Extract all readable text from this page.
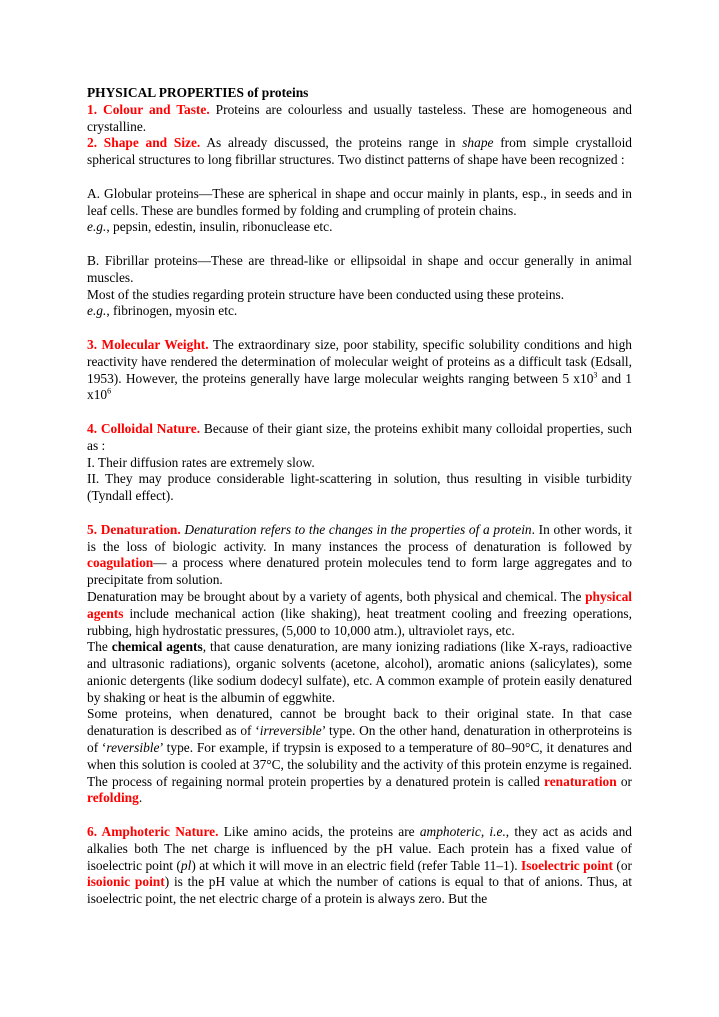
PHYSICAL PROPERTIES of proteins

1. Colour and Taste. Proteins are colourless and usually tasteless. These are homogeneous and crystalline.

2. Shape and Size. As already discussed, the proteins range in shape from simple crystalloid spherical structures to long fibrillar structures. Two distinct patterns of shape have been recognized :

A. Globular proteins—These are spherical in shape and occur mainly in plants, esp., in seeds and in leaf cells. These are bundles formed by folding and crumpling of protein chains.

e.g., pepsin, edestin, insulin, ribonuclease etc.

B. Fibrillar proteins—These are thread-like or ellipsoidal in shape and occur generally in animal muscles.

Most of the studies regarding protein structure have been conducted using these proteins.

e.g., fibrinogen, myosin etc.

3. Molecular Weight. The extraordinary size, poor stability, specific solubility conditions and high reactivity have rendered the determination of molecular weight of proteins as a difficult task (Edsall, 1953). However, the proteins generally have large molecular weights ranging between 5 $x10^3$ and 1 $x10^6$

4. Colloidal Nature. Because of their giant size, the proteins exhibit many colloidal properties, such as :

I. Their diffusion rates are extremely slow.

II. They may produce considerable light-scattering in solution, thus resulting in visible turbidity (Tyndall effect).

5. Denaturation. Denaturation refers to the changes in the properties of a protein. In other words, it is the loss of biologic activity. In many instances the process of denaturation is followed by coagulation— a process where denatured protein molecules tend to form large aggregates and to precipitate from solution.

Denaturation may be brought about by a variety of agents, both physical and chemical. The physical agents include mechanical action (like shaking), heat treatment cooling and freezing operations, rubbing, high hydrostatic pressures, (5,000 to 10,000 atm.), ultraviolet rays, etc.

The chemical agents, that cause denaturation, are many ionizing radiations (like X-rays, radioactive and ultrasonic radiations), organic solvents (acetone, alcohol), aromatic anions (salicylates), some anionic detergents (like sodium dodecyl sulfate), etc. A common example of protein easily denatured by shaking or heat is the albumin of eggwhite.

Some proteins, when denatured, cannot be brought back to their original state. In that case denaturation is described as of ‘irreversible’ type. On the other hand, denaturation in otherproteins is of ‘reversible’ type. For example, if trypsin is exposed to a temperature of 80–90°C, it denatures and when this solution is cooled at 37°C, the solubility and the activity of this protein enzyme is regained. The process of regaining normal protein properties by a denatured protein is called renaturation or refolding.

6. Amphoteric Nature. Like amino acids, the proteins are amphoteric, i.e., they act as acids and alkalies both The net charge is influenced by the pH value. Each protein has a fixed value of isoelectric point (pl) at which it will move in an electric field (refer Table 11–1). Isoelectric point (or isoionic point) is the pH value at which the number of cations is equal to that of anions. Thus, at isoelectric point, the net electric charge of a protein is always zero. But the
